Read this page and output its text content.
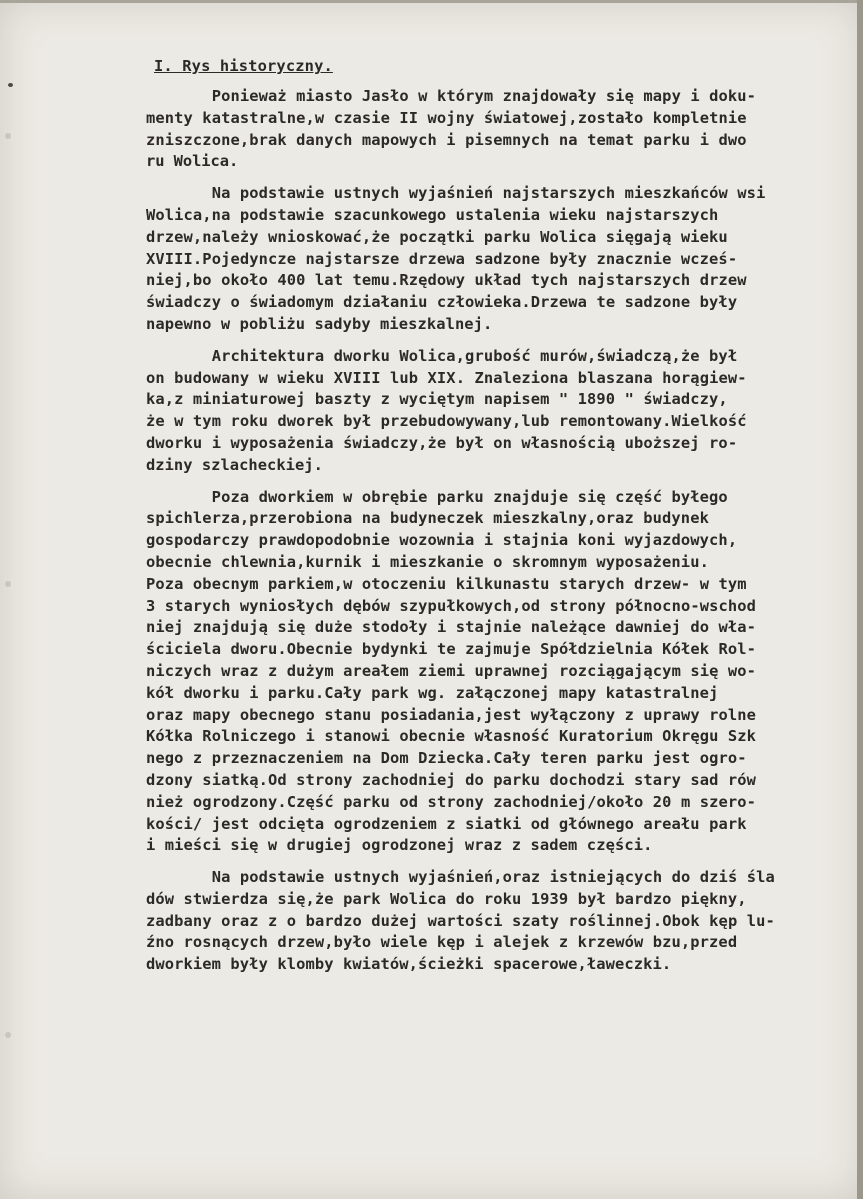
I. Rys historyczny.
Ponieważ miasto Jasło w którym znajdowały się mapy i doku-
menty katastralne,w czasie II wojny światowej,zostało kompletnie
zniszczone,brak danych mapowych i pisemnych na temat parku i dwo
ru Wolica.
Na podstawie ustnych wyjaśnień najstarszych mieszkańców wsi
Wolica,na podstawie szacunkowego ustalenia wieku najstarszych
drzew,należy wnioskować,że początki parku Wolica sięgają wieku
XVIII.Pojedyncze najstarsze drzewa sadzone były znacznie wcześ-
niej,bo około 400 lat temu.Rzędowy układ tych najstarszych drzew
świadczy o świadomym działaniu człowieka.Drzewa te sadzone były
napewno w pobliżu sadyby mieszkalnej.
Architektura dworku Wolica,grubość murów,świadczą,że był
on budowany w wieku XVIII lub XIX. Znaleziona blaszana horągiew-
ka,z miniaturowej baszty z wyciętym napisem " 1890 " świadczy,
że w tym roku dworek był przebudowywany,lub remontowany.Wielkość
dworku i wyposażenia świadczy,że był on własnością uboższej ro-
dziny szlacheckiej.
Poza dworkiem w obrębie parku znajduje się część byłego
spichlerza,przerobiona na budyneczek mieszkalny,oraz budynek
gospodarczy prawdopodobnie wozownia i stajnia koni wyjazdowych,
obecnie chlewnia,kurnik i mieszkanie o skromnym wyposażeniu.
Poza obecnym parkiem,w otoczeniu kilkunastu starych drzew- w tym
3 starych wyniosłych dębów szypułkowych,od strony północno-wschod
niej znajdują się duże stodoły i stajnie należące dawniej do wła-
ściciela dworu.Obecnie bydynki te zajmuje Spółdzielnia Kółek Rol-
niczych wraz z dużym areałem ziemi uprawnej rozciągającym się wo-
kół dworku i parku.Cały park wg. załączonej mapy katastralnej
oraz mapy obecnego stanu posiadania,jest wyłączony z uprawy rolne
Kółka Rolniczego i stanowi obecnie własność Kuratorium Okręgu Szk
nego z przeznaczeniem na Dom Dziecka.Cały teren parku jest ogro-
dzony siatką.Od strony zachodniej do parku dochodzi stary sad rów
nież ogrodzony.Część parku od strony zachodniej/około 20 m szero-
kości/ jest odcięta ogrodzeniem z siatki od głównego areału park
i mieści się w drugiej ogrodzonej wraz z sadem części.
Na podstawie ustnych wyjaśnień,oraz istniejących do dziś śla
dów stwierdza się,że park Wolica do roku 1939 był bardzo piękny,
zadbany oraz z o bardzo dużej wartości szaty roślinnej.Obok kęp lu-
źno rosnących drzew,było wiele kęp i alejek z krzewów bzu,przed
dworkiem były klomby kwiatów,ścieżki spacerowe,ławeczki.
